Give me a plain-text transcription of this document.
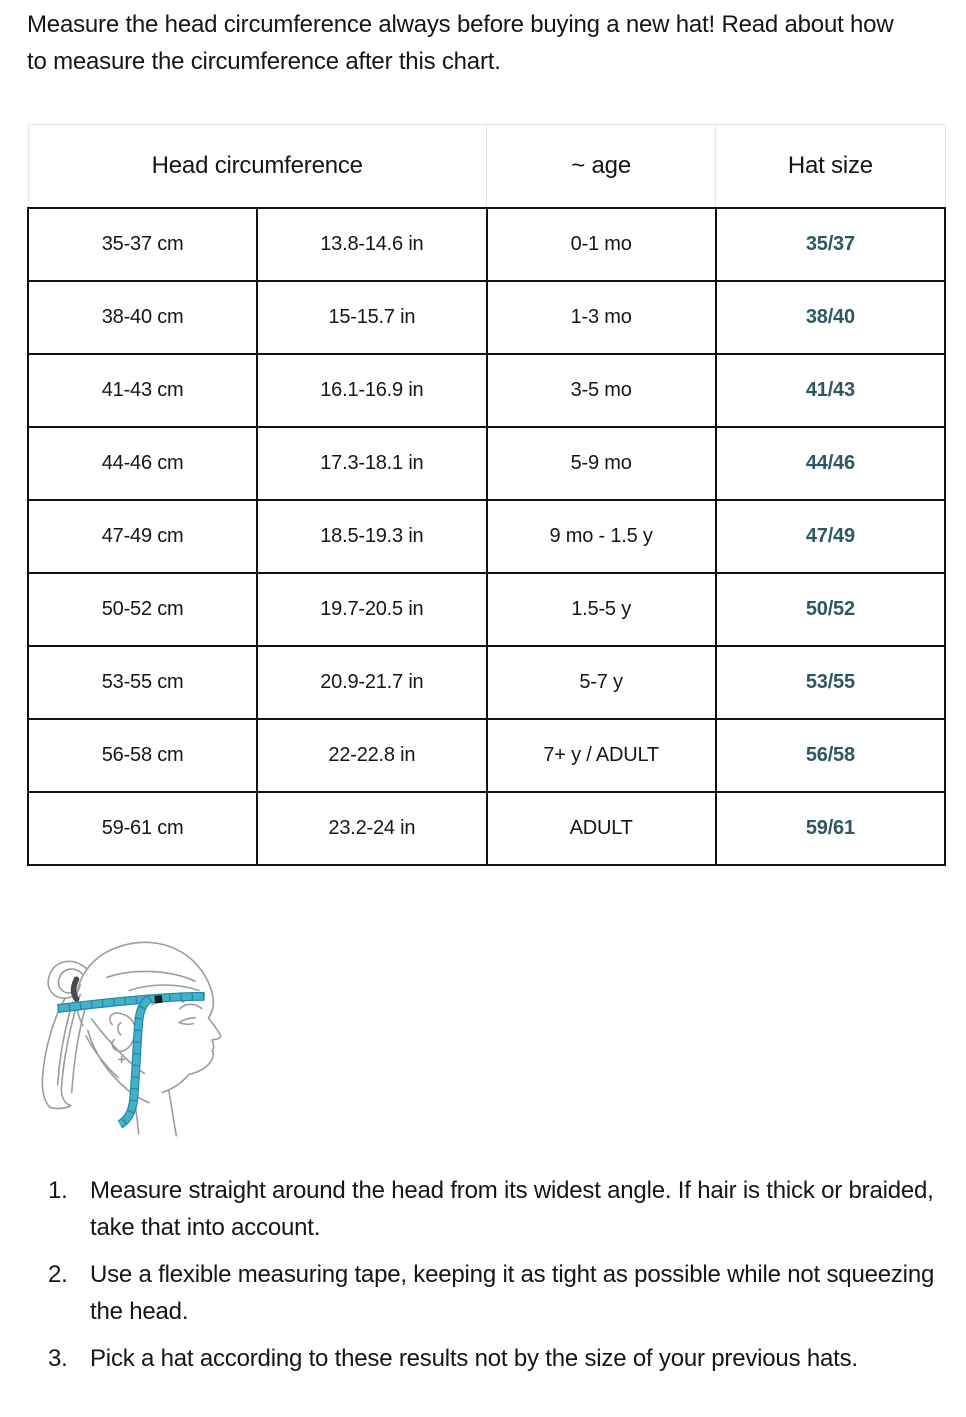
Measure the head circumference always before buying a new hat! Read about how to measure the circumference after this chart.

Head circumference		~ age	Hat size
35-37 cm	13.8-14.6 in	0-1 mo	35/37
38-40 cm	15-15.7 in	1-3 mo	38/40
41-43 cm	16.1-16.9 in	3-5 mo	41/43
44-46 cm	17.3-18.1 in	5-9 mo	44/46
47-49 cm	18.5-19.3 in	9 mo - 1.5 y	47/49
50-52 cm	19.7-20.5 in	1.5-5 y	50/52
53-55 cm	20.9-21.7 in	5-7 y	53/55
56-58 cm	22-22.8 in	7+ y / ADULT	56/58
59-61 cm	23.2-24 in	ADULT	59/61
Measure straight around the head from its widest angle. If hair is thick or braided, take that into account.
Use a flexible measuring tape, keeping it as tight as possible while not squeezing the head.
Pick a hat according to these results not by the size of your previous hats.
